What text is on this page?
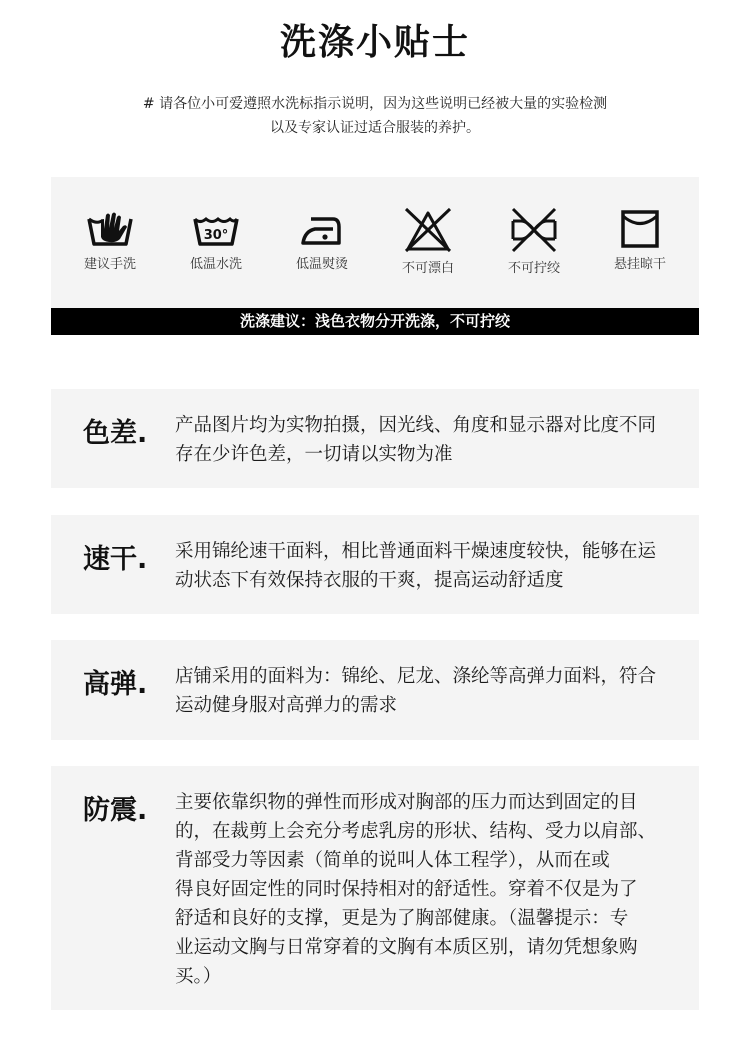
洗涤小贴士
# 请各位小可爱遵照水洗标指示说明，因为这些说明已经被大量的实验检测
以及专家认证过适合服装的养护。
建议手洗
30°
低温水洗	低温熨烫	不可漂白	不可拧绞	悬挂晾干
洗涤建议：浅色衣物分开洗涤，不可拧绞
色差. 产品图片均为实物拍摄，因光线、角度和显示器对比度不同
存在少许色差，一切请以实物为准
速干. 采用锦纶速干面料，相比普通面料干燥速度较快，能够在运
动状态下有效保持衣服的干爽，提高运动舒适度
高弹. 店铺采用的面料为：锦纶、尼龙、涤纶等高弹力面料，符合
运动健身服对高弹力的需求
防震. 主要依靠织物的弹性而形成对胸部的压力而达到固定的目
的，在裁剪上会充分考虑乳房的形状、结构、受力以肩部、
背部受力等因素（简单的说叫人体工程学），从而在或
得良好固定性的同时保持相对的舒适性。穿着不仅是为了
舒适和良好的支撑，更是为了胸部健康。（温馨提示：专
业运动文胸与日常穿着的文胸有本质区别，请勿凭想象购
买。）
